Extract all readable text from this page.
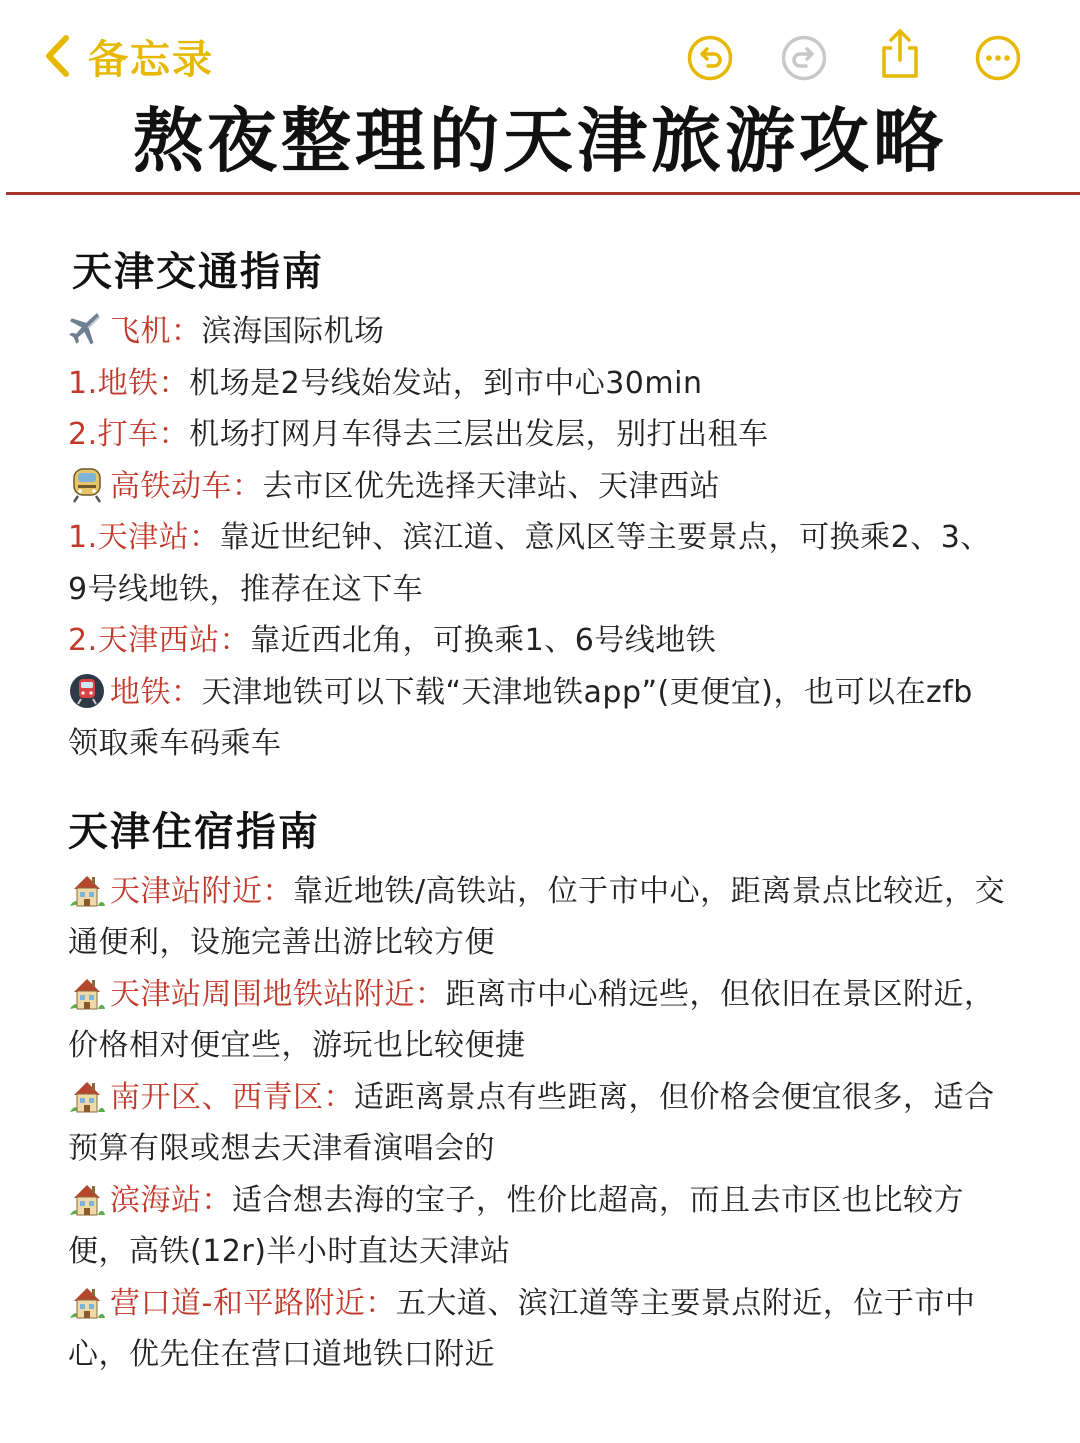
备忘录
熬夜整理的天津旅游攻略
天津交通指南
飞机：滨海国际机场
1.地铁：机场是2号线始发站，到市中心30min
2.打车：机场打网月车得去三层出发层，别打出租车
高铁动车：去市区优先选择天津站、天津西站
1.天津站：靠近世纪钟、滨江道、意风区等主要景点，可换乘2、3、
9号线地铁，推荐在这下车
2.天津西站：靠近西北角，可换乘1、6号线地铁
地铁：天津地铁可以下载“天津地铁app”(更便宜)，也可以在zfb
领取乘车码乘车
天津住宿指南
天津站附近：靠近地铁/高铁站，位于市中心，距离景点比较近，交
通便利，设施完善出游比较方便
天津站周围地铁站附近：距离市中心稍远些，但依旧在景区附近，
价格相对便宜些，游玩也比较便捷
南开区、西青区：适距离景点有些距离，但价格会便宜很多，适合
预算有限或想去天津看演唱会的
滨海站：适合想去海的宝子，性价比超高，而且去市区也比较方
便，高铁(12r)半小时直达天津站
营口道-和平路附近：五大道、滨江道等主要景点附近，位于市中
心，优先住在营口道地铁口附近
